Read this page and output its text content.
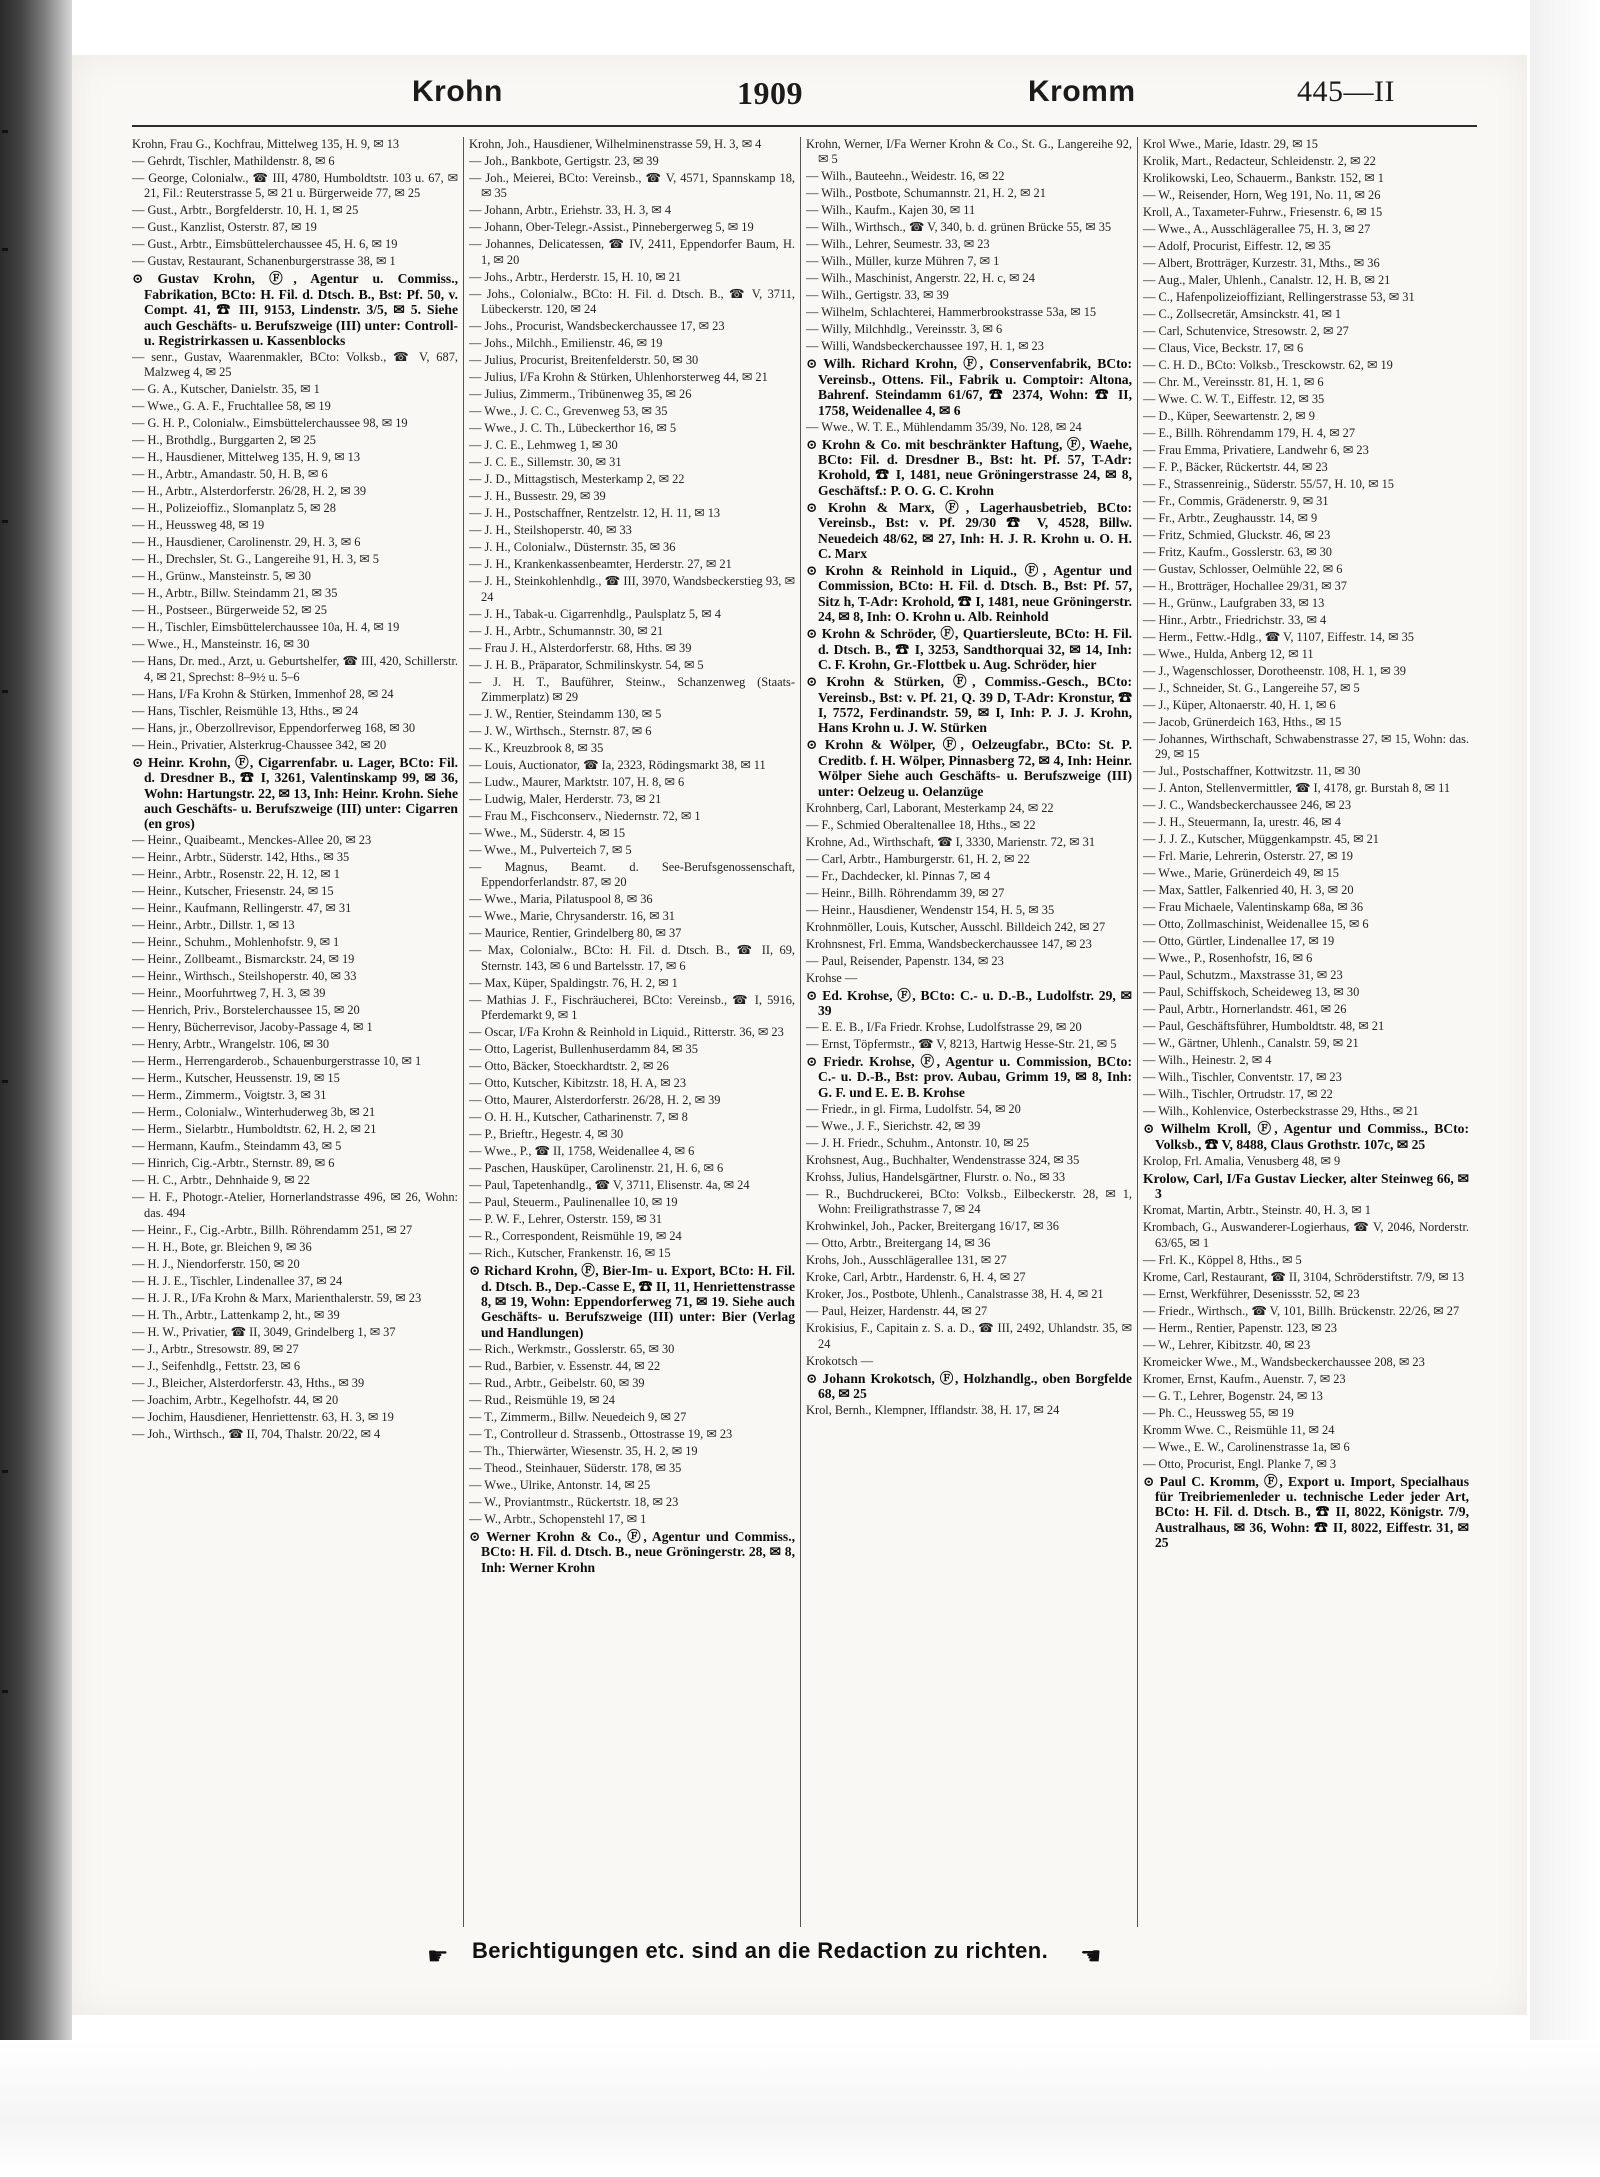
Krohn	1909	Kromm	445—II

Krohn, Frau G., Kochfrau, Mittelweg 135, H. 9, ✉ 13

— Gehrdt, Tischler, Mathildenstr. 8, ✉ 6

— George, Colonialw., ☎ III, 4780, Humboldtstr. 103 u. 67, ✉ 21, Fil.: Reuterstrasse 5, ✉ 21 u. Bürgerweide 77, ✉ 25

— Gust., Arbtr., Borgfelderstr. 10, H. 1, ✉ 25

— Gust., Kanzlist, Osterstr. 87, ✉ 19

— Gust., Arbtr., Eimsbüttelerchaussee 45, H. 6, ✉ 19

— Gustav, Restaurant, Schanenburgerstrasse 38, ✉ 1

⊙ Gustav Krohn, Ⓕ, Agentur u. Commiss., Fabrikation, BCto: H. Fil. d. Dtsch. B., Bst: Pf. 50, v. Compt. 41, ☎ III, 9153, Lindenstr. 3/5, ✉ 5. Siehe auch Geschäfts- u. Berufszweige (III) unter: Controll- u. Registrirkassen u. Kassenblocks

— senr., Gustav, Waarenmakler, BCto: Volksb., ☎ V, 687, Malzweg 4, ✉ 25

— G. A., Kutscher, Danielstr. 35, ✉ 1

— Wwe., G. A. F., Fruchtallee 58, ✉ 19

— G. H. P., Colonialw., Eimsbüttelerchaussee 98, ✉ 19

— H., Brothdlg., Burggarten 2, ✉ 25

— H., Hausdiener, Mittelweg 135, H. 9, ✉ 13

— H., Arbtr., Amandastr. 50, H. B, ✉ 6

— H., Arbtr., Alsterdorferstr. 26/28, H. 2, ✉ 39

— H., Polizeioffiz., Slomanplatz 5, ✉ 28

— H., Heussweg 48, ✉ 19

— H., Hausdiener, Carolinenstr. 29, H. 3, ✉ 6

— H., Drechsler, St. G., Langereihe 91, H. 3, ✉ 5

— H., Grünw., Mansteinstr. 5, ✉ 30

— H., Arbtr., Billw. Steindamm 21, ✉ 35

— H., Postseer., Bürgerweide 52, ✉ 25

— H., Tischler, Eimsbüttelerchaussee 10a, H. 4, ✉ 19

— Wwe., H., Mansteinstr. 16, ✉ 30

— Hans, Dr. med., Arzt, u. Geburtshelfer, ☎ III, 420, Schillerstr. 4, ✉ 21, Sprechst: 8–9½ u. 5–6

— Hans, I/Fa Krohn & Stürken, Immenhof 28, ✉ 24

— Hans, Tischler, Reismühle 13, Hths., ✉ 24

— Hans, jr., Oberzollrevisor, Eppendorferweg 168, ✉ 30

— Hein., Privatier, Alsterkrug-Chaussee 342, ✉ 20

⊙ Heinr. Krohn, Ⓕ, Cigarrenfabr. u. Lager, BCto: Fil. d. Dresdner B., ☎ I, 3261, Valentinskamp 99, ✉ 36, Wohn: Hartungstr. 22, ✉ 13, Inh: Heinr. Krohn. Siehe auch Geschäfts- u. Berufszweige (III) unter: Cigarren (en gros)

— Heinr., Quaibeamt., Menckes-Allee 20, ✉ 23

— Heinr., Arbtr., Süderstr. 142, Hths., ✉ 35

— Heinr., Arbtr., Rosenstr. 22, H. 12, ✉ 1

— Heinr., Kutscher, Friesenstr. 24, ✉ 15

— Heinr., Kaufmann, Rellingerstr. 47, ✉ 31

— Heinr., Arbtr., Dillstr. 1, ✉ 13

— Heinr., Schuhm., Mohlenhofstr. 9, ✉ 1

— Heinr., Zollbeamt., Bismarckstr. 24, ✉ 19

— Heinr., Wirthsch., Steilshoperstr. 40, ✉ 33

— Heinr., Moorfuhrtweg 7, H. 3, ✉ 39

— Henrich, Priv., Borstelerchaussee 15, ✉ 20

— Henry, Bücherrevisor, Jacoby-Passage 4, ✉ 1

— Henry, Arbtr., Wrangelstr. 106, ✉ 30

— Herm., Herrengarderob., Schauenburgerstrasse 10, ✉ 1

— Herm., Kutscher, Heussenstr. 19, ✉ 15

— Herm., Zimmerm., Voigtstr. 3, ✉ 31

— Herm., Colonialw., Winterhuderweg 3b, ✉ 21

— Herm., Sielarbtr., Humboldtstr. 62, H. 2, ✉ 21

— Hermann, Kaufm., Steindamm 43, ✉ 5

— Hinrich, Cig.-Arbtr., Sternstr. 89, ✉ 6

— H. C., Arbtr., Dehnhaide 9, ✉ 22

— H. F., Photogr.-Atelier, Hornerlandstrasse 496, ✉ 26, Wohn: das. 494

— Heinr., F., Cig.-Arbtr., Billh. Röhrendamm 251, ✉ 27

— H. H., Bote, gr. Bleichen 9, ✉ 36

— H. J., Niendorferstr. 150, ✉ 20

— H. J. E., Tischler, Lindenallee 37, ✉ 24

— H. J. R., I/Fa Krohn & Marx, Marienthalerstr. 59, ✉ 23

— H. Th., Arbtr., Lattenkamp 2, ht., ✉ 39

— H. W., Privatier, ☎ II, 3049, Grindelberg 1, ✉ 37

— J., Arbtr., Stresowstr. 89, ✉ 27

— J., Seifenhdlg., Fettstr. 23, ✉ 6

— J., Bleicher, Alsterdorferstr. 43, Hths., ✉ 39

— Joachim, Arbtr., Kegelhofstr. 44, ✉ 20

— Jochim, Hausdiener, Henriettenstr. 63, H. 3, ✉ 19

— Joh., Wirthsch., ☎ II, 704, Thalstr. 20/22, ✉ 4

Krohn, Joh., Hausdiener, Wilhelminenstrasse 59, H. 3, ✉ 4

— Joh., Bankbote, Gertigstr. 23, ✉ 39

— Joh., Meierei, BCto: Vereinsb., ☎ V, 4571, Spannskamp 18, ✉ 35

— Johann, Arbtr., Eriehstr. 33, H. 3, ✉ 4

— Johann, Ober-Telegr.-Assist., Pinnebergerweg 5, ✉ 19

— Johannes, Delicatessen, ☎ IV, 2411, Eppendorfer Baum, H. 1, ✉ 20

— Johs., Arbtr., Herderstr. 15, H. 10, ✉ 21

— Johs., Colonialw., BCto: H. Fil. d. Dtsch. B., ☎ V, 3711, Lübeckerstr. 120, ✉ 24

— Johs., Procurist, Wandsbeckerchaussee 17, ✉ 23

— Johs., Milchh., Emilienstr. 46, ✉ 19

— Julius, Procurist, Breitenfelderstr. 50, ✉ 30

— Julius, I/Fa Krohn & Stürken, Uhlenhorsterweg 44, ✉ 21

— Julius, Zimmerm., Tribünenweg 35, ✉ 26

— Wwe., J. C. C., Grevenweg 53, ✉ 35

— Wwe., J. C. Th., Lübeckerthor 16, ✉ 5

— J. C. E., Lehmweg 1, ✉ 30

— J. C. E., Sillemstr. 30, ✉ 31

— J. D., Mittagstisch, Mesterkamp 2, ✉ 22

— J. H., Bussestr. 29, ✉ 39

— J. H., Postschaffner, Rentzelstr. 12, H. 11, ✉ 13

— J. H., Steilshoperstr. 40, ✉ 33

— J. H., Colonialw., Düsternstr. 35, ✉ 36

— J. H., Krankenkassenbeamter, Herderstr. 27, ✉ 21

— J. H., Steinkohlenhdlg., ☎ III, 3970, Wandsbeckerstieg 93, ✉ 24

— J. H., Tabak-u. Cigarrenhdlg., Paulsplatz 5, ✉ 4

— J. H., Arbtr., Schumannstr. 30, ✉ 21

— Frau J. H., Alsterdorferstr. 68, Hths. ✉ 39

— J. H. B., Präparator, Schmilinskystr. 54, ✉ 5

— J. H. T., Bauführer, Steinw., Schanzenweg (Staats-Zimmerplatz) ✉ 29

— J. W., Rentier, Steindamm 130, ✉ 5

— J. W., Wirthsch., Sternstr. 87, ✉ 6

— K., Kreuzbrook 8, ✉ 35

— Louis, Auctionator, ☎ Ia, 2323, Rödingsmarkt 38, ✉ 11

— Ludw., Maurer, Marktstr. 107, H. 8, ✉ 6

— Ludwig, Maler, Herderstr. 73, ✉ 21

— Frau M., Fischconserv., Niedernstr. 72, ✉ 1

— Wwe., M., Süderstr. 4, ✉ 15

— Wwe., M., Pulverteich 7, ✉ 5

— Magnus, Beamt. d. See-Berufsgenossenschaft, Eppendorferlandstr. 87, ✉ 20

— Wwe., Maria, Pilatuspool 8, ✉ 36

— Wwe., Marie, Chrysanderstr. 16, ✉ 31

— Maurice, Rentier, Grindelberg 80, ✉ 37

— Max, Colonialw., BCto: H. Fil. d. Dtsch. B., ☎ II, 69, Sternstr. 143, ✉ 6 und Bartelsstr. 17, ✉ 6

— Max, Küper, Spaldingstr. 76, H. 2, ✉ 1

— Mathias J. F., Fischräucherei, BCto: Vereinsb., ☎ I, 5916, Pferdemarkt 9, ✉ 1

— Oscar, I/Fa Krohn & Reinhold in Liquid., Ritterstr. 36, ✉ 23

— Otto, Lagerist, Bullenhuserdamm 84, ✉ 35

— Otto, Bäcker, Stoeckhardtstr. 2, ✉ 26

— Otto, Kutscher, Kibitzstr. 18, H. A, ✉ 23

— Otto, Maurer, Alsterdorferstr. 26/28, H. 2, ✉ 39

— O. H. H., Kutscher, Catharinenstr. 7, ✉ 8

— P., Brieftr., Hegestr. 4, ✉ 30

— Wwe., P., ☎ II, 1758, Weidenallee 4, ✉ 6

— Paschen, Hausküper, Carolinenstr. 21, H. 6, ✉ 6

— Paul, Tapetenhandlg., ☎ V, 3711, Elisenstr. 4a, ✉ 24

— Paul, Steuerm., Paulinenallee 10, ✉ 19

— P. W. F., Lehrer, Osterstr. 159, ✉ 31

— R., Correspondent, Reismühle 19, ✉ 24

— Rich., Kutscher, Frankenstr. 16, ✉ 15

⊙ Richard Krohn, Ⓕ, Bier-Im- u. Export, BCto: H. Fil. d. Dtsch. B., Dep.-Casse E, ☎ II, 11, Henriettenstrasse 8, ✉ 19, Wohn: Eppendorferweg 71, ✉ 19. Siehe auch Geschäfts- u. Berufszweige (III) unter: Bier (Verlag und Handlungen)

— Rich., Werkmstr., Gosslerstr. 65, ✉ 30

— Rud., Barbier, v. Essenstr. 44, ✉ 22

— Rud., Arbtr., Geibelstr. 60, ✉ 39

— Rud., Reismühle 19, ✉ 24

— T., Zimmerm., Billw. Neuedeich 9, ✉ 27

— T., Controlleur d. Strassenb., Ottostrasse 19, ✉ 23

— Th., Thierwärter, Wiesenstr. 35, H. 2, ✉ 19

— Theod., Steinhauer, Süderstr. 178, ✉ 35

— Wwe., Ulrike, Antonstr. 14, ✉ 25

— W., Proviantmstr., Rückertstr. 18, ✉ 23

— W., Arbtr., Schopenstehl 17, ✉ 1

⊙ Werner Krohn & Co., Ⓕ, Agentur und Commiss., BCto: H. Fil. d. Dtsch. B., neue Gröningerstr. 28, ✉ 8, Inh: Werner Krohn

Krohn, Werner, I/Fa Werner Krohn & Co., St. G., Langereihe 92, ✉ 5

— Wilh., Bauteehn., Weidestr. 16, ✉ 22

— Wilh., Postbote, Schumannstr. 21, H. 2, ✉ 21

— Wilh., Kaufm., Kajen 30, ✉ 11

— Wilh., Wirthsch., ☎ V, 340, b. d. grünen Brücke 55, ✉ 35

— Wilh., Lehrer, Seumestr. 33, ✉ 23

— Wilh., Müller, kurze Mühren 7, ✉ 1

— Wilh., Maschinist, Angerstr. 22, H. c, ✉ 24

— Wilh., Gertigstr. 33, ✉ 39

— Wilhelm, Schlachterei, Hammerbrookstrasse 53a, ✉ 15

— Willy, Milchhdlg., Vereinsstr. 3, ✉ 6

— Willi, Wandsbeckerchaussee 197, H. 1, ✉ 23

⊙ Wilh. Richard Krohn, Ⓕ, Conservenfabrik, BCto: Vereinsb., Ottens. Fil., Fabrik u. Comptoir: Altona, Bahrenf. Steindamm 61/67, ☎ 2374, Wohn: ☎ II, 1758, Weidenallee 4, ✉ 6

— Wwe., W. T. E., Mühlendamm 35/39, No. 128, ✉ 24

⊙ Krohn & Co. mit beschränkter Haftung, Ⓕ, Waehe, BCto: Fil. d. Dresdner B., Bst: ht. Pf. 57, T-Adr: Krohold, ☎ I, 1481, neue Gröningerstrasse 24, ✉ 8, Geschäftsf.: P. O. G. C. Krohn

⊙ Krohn & Marx, Ⓕ, Lagerhausbetrieb, BCto: Vereinsb., Bst: v. Pf. 29/30 ☎ V, 4528, Billw. Neuedeich 48/62, ✉ 27, Inh: H. J. R. Krohn u. O. H. C. Marx

⊙ Krohn & Reinhold in Liquid., Ⓕ, Agentur und Commission, BCto: H. Fil. d. Dtsch. B., Bst: Pf. 57, Sitz h, T-Adr: Krohold, ☎ I, 1481, neue Gröningerstr. 24, ✉ 8, Inh: O. Krohn u. Alb. Reinhold

⊙ Krohn & Schröder, Ⓕ, Quartiersleute, BCto: H. Fil. d. Dtsch. B., ☎ I, 3253, Sandthorquai 32, ✉ 14, Inh: C. F. Krohn, Gr.-Flottbek u. Aug. Schröder, hier

⊙ Krohn & Stürken, Ⓕ, Commiss.-Gesch., BCto: Vereinsb., Bst: v. Pf. 21, Q. 39 D, T-Adr: Kronstur, ☎ I, 7572, Ferdinandstr. 59, ✉ I, Inh: P. J. J. Krohn, Hans Krohn u. J. W. Stürken

⊙ Krohn & Wölper, Ⓕ, Oelzeugfabr., BCto: St. P. Creditb. f. H. Wölper, Pinnasberg 72, ✉ 4, Inh: Heinr. Wölper Siehe auch Geschäfts- u. Berufszweige (III) unter: Oelzeug u. Oelanzüge

Krohnberg, Carl, Laborant, Mesterkamp 24, ✉ 22

— F., Schmied Oberaltenallee 18, Hths., ✉ 22

Krohne, Ad., Wirthschaft, ☎ I, 3330, Marienstr. 72, ✉ 31

— Carl, Arbtr., Hamburgerstr. 61, H. 2, ✉ 22

— Fr., Dachdecker, kl. Pinnas 7, ✉ 4

— Heinr., Billh. Röhrendamm 39, ✉ 27

— Heinr., Hausdiener, Wendenstr 154, H. 5, ✉ 35

Krohnmöller, Louis, Kutscher, Ausschl. Billdeich 242, ✉ 27

Krohnsnest, Frl. Emma, Wandsbeckerchaussee 147, ✉ 23

— Paul, Reisender, Papenstr. 134, ✉ 23

Krohse —

⊙ Ed. Krohse, Ⓕ, BCto: C.- u. D.-B., Ludolfstr. 29, ✉ 39

— E. E. B., I/Fa Friedr. Krohse, Ludolfstrasse 29, ✉ 20

— Ernst, Töpfermstr., ☎ V, 8213, Hartwig Hesse-Str. 21, ✉ 5

⊙ Friedr. Krohse, Ⓕ, Agentur u. Commission, BCto: C.- u. D.-B., Bst: prov. Aubau, Grimm 19, ✉ 8, Inh: G. F. und E. E. B. Krohse

— Friedr., in gl. Firma, Ludolfstr. 54, ✉ 20

— Wwe., J. F., Sierichstr. 42, ✉ 39

— J. H. Friedr., Schuhm., Antonstr. 10, ✉ 25

Krohsnest, Aug., Buchhalter, Wendenstrasse 324, ✉ 35

Krohss, Julius, Handelsgärtner, Flurstr. o. No., ✉ 33

— R., Buchdruckerei, BCto: Volksb., Eilbeckerstr. 28, ✉ 1, Wohn: Freiligrathstrasse 7, ✉ 24

Krohwinkel, Joh., Packer, Breitergang 16/17, ✉ 36

— Otto, Arbtr., Breitergang 14, ✉ 36

Krohs, Joh., Ausschlägerallee 131, ✉ 27

Kroke, Carl, Arbtr., Hardenstr. 6, H. 4, ✉ 27

Kroker, Jos., Postbote, Uhlenh., Canalstrasse 38, H. 4, ✉ 21

— Paul, Heizer, Hardenstr. 44, ✉ 27

Krokisius, F., Capitain z. S. a. D., ☎ III, 2492, Uhlandstr. 35, ✉ 24

Krokotsch —

⊙ Johann Krokotsch, Ⓕ, Holzhandlg., oben Borgfelde 68, ✉ 25

Krol, Bernh., Klempner, Ifflandstr. 38, H. 17, ✉ 24

Krol Wwe., Marie, Idastr. 29, ✉ 15

Krolik, Mart., Redacteur, Schleidenstr. 2, ✉ 22

Krolikowski, Leo, Schauerm., Bankstr. 152, ✉ 1

— W., Reisender, Horn, Weg 191, No. 11, ✉ 26

Kroll, A., Taxameter-Fuhrw., Friesenstr. 6, ✉ 15

— Wwe., A., Ausschlägerallee 75, H. 3, ✉ 27

— Adolf, Procurist, Eiffestr. 12, ✉ 35

— Albert, Brotträger, Kurzestr. 31, Mths., ✉ 36

— Aug., Maler, Uhlenh., Canalstr. 12, H. B, ✉ 21

— C., Hafenpolizeioffiziant, Rellingerstrasse 53, ✉ 31

— C., Zollsecretär, Amsinckstr. 41, ✉ 1

— Carl, Schutenvice, Stresowstr. 2, ✉ 27

— Claus, Vice, Beckstr. 17, ✉ 6

— C. H. D., BCto: Volksb., Tresckowstr. 62, ✉ 19

— Chr. M., Vereinsstr. 81, H. 1, ✉ 6

— Wwe. C. W. T., Eiffestr. 12, ✉ 35

— D., Küper, Seewartenstr. 2, ✉ 9

— E., Billh. Röhrendamm 179, H. 4, ✉ 27

— Frau Emma, Privatiere, Landwehr 6, ✉ 23

— F. P., Bäcker, Rückertstr. 44, ✉ 23

— F., Strassenreinig., Süderstr. 55/57, H. 10, ✉ 15

— Fr., Commis, Grädenerstr. 9, ✉ 31

— Fr., Arbtr., Zeughausstr. 14, ✉ 9

— Fritz, Schmied, Gluckstr. 46, ✉ 23

— Fritz, Kaufm., Gosslerstr. 63, ✉ 30

— Gustav, Schlosser, Oelmühle 22, ✉ 6

— H., Brotträger, Hochallee 29/31, ✉ 37

— H., Grünw., Laufgraben 33, ✉ 13

— Hinr., Arbtr., Friedrichstr. 33, ✉ 4

— Herm., Fettw.-Hdlg., ☎ V, 1107, Eiffestr. 14, ✉ 35

— Wwe., Hulda, Anberg 12, ✉ 11

— J., Wagenschlosser, Dorotheenstr. 108, H. 1, ✉ 39

— J., Schneider, St. G., Langereihe 57, ✉ 5

— J., Küper, Altonaerstr. 40, H. 1, ✉ 6

— Jacob, Grünerdeich 163, Hths., ✉ 15

— Johannes, Wirthschaft, Schwabenstrasse 27, ✉ 15, Wohn: das. 29, ✉ 15

— Jul., Postschaffner, Kottwitzstr. 11, ✉ 30

— J. Anton, Stellenvermittler, ☎ I, 4178, gr. Burstah 8, ✉ 11

— J. C., Wandsbeckerchaussee 246, ✉ 23

— J. H., Steuermann, Ia, urestr. 46, ✉ 4

— J. J. Z., Kutscher, Müggenkampstr. 45, ✉ 21

— Frl. Marie, Lehrerin, Osterstr. 27, ✉ 19

— Wwe., Marie, Grünerdeich 49, ✉ 15

— Max, Sattler, Falkenried 40, H. 3, ✉ 20

— Frau Michaele, Valentinskamp 68a, ✉ 36

— Otto, Zollmaschinist, Weidenallee 15, ✉ 6

— Otto, Gürtler, Lindenallee 17, ✉ 19

— Wwe., P., Rosenhofstr, 16, ✉ 6

— Paul, Schutzm., Maxstrasse 31, ✉ 23

— Paul, Schiffskoch, Scheideweg 13, ✉ 30

— Paul, Arbtr., Hornerlandstr. 461, ✉ 26

— Paul, Geschäftsführer, Humboldtstr. 48, ✉ 21

— W., Gärtner, Uhlenh., Canalstr. 59, ✉ 21

— Wilh., Heinestr. 2, ✉ 4

— Wilh., Tischler, Conventstr. 17, ✉ 23

— Wilh., Tischler, Ortrudstr. 17, ✉ 22

— Wilh., Kohlenvice, Osterbeckstrasse 29, Hths., ✉ 21

⊙ Wilhelm Kroll, Ⓕ, Agentur und Commiss., BCto: Volksb., ☎ V, 8488, Claus Grothstr. 107c, ✉ 25

Krolop, Frl. Amalia, Venusberg 48, ✉ 9

Krolow, Carl, I/Fa Gustav Liecker, alter Steinweg 66, ✉ 3

Kromat, Martin, Arbtr., Steinstr. 40, H. 3, ✉ 1

Krombach, G., Auswanderer-Logierhaus, ☎ V, 2046, Norderstr. 63/65, ✉ 1

— Frl. K., Köppel 8, Hths., ✉ 5

Krome, Carl, Restaurant, ☎ II, 3104, Schröderstiftstr. 7/9, ✉ 13

— Ernst, Werkführer, Desenissstr. 52, ✉ 23

— Friedr., Wirthsch., ☎ V, 101, Billh. Brückenstr. 22/26, ✉ 27

— Herm., Rentier, Papenstr. 123, ✉ 23

— W., Lehrer, Kibitzstr. 40, ✉ 23

Kromeicker Wwe., M., Wandsbeckerchaussee 208, ✉ 23

Kromer, Ernst, Kaufm., Auenstr. 7, ✉ 23

— G. T., Lehrer, Bogenstr. 24, ✉ 13

— Ph. C., Heussweg 55, ✉ 19

Kromm Wwe. C., Reismühle 11, ✉ 24

— Wwe., E. W., Carolinenstrasse 1a, ✉ 6

— Otto, Procurist, Engl. Planke 7, ✉ 3

⊙ Paul C. Kromm, Ⓕ, Export u. Import, Specialhaus für Treibriemenleder u. technische Leder jeder Art, BCto: H. Fil. d. Dtsch. B., ☎ II, 8022, Königstr. 7/9, Australhaus, ✉ 36, Wohn: ☎ II, 8022, Eiffestr. 31, ✉ 25

☛ Berichtigungen etc. sind an die Redaction zu richten. ☚
